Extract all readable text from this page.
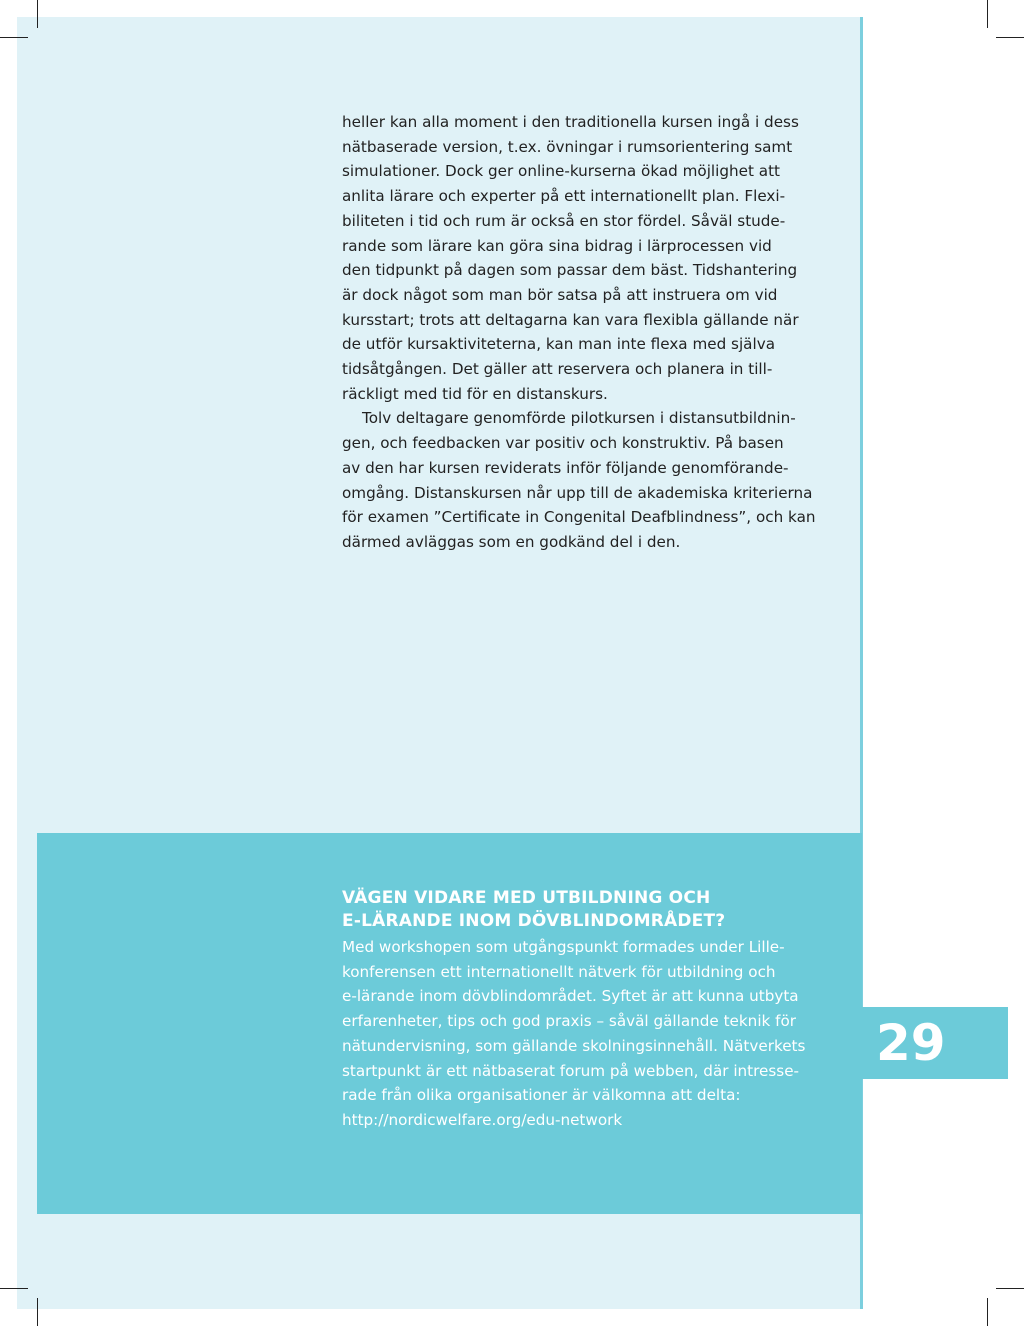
heller kan alla moment i den traditionella kursen ingå i dess
nätbaserade version, t.ex. övningar i rumsorientering samt
simulationer. Dock ger online-kurserna ökad möjlighet att
anlita lärare och experter på ett internationellt plan. Flexi-
biliteten i tid och rum är också en stor fördel. Såväl stude-
rande som lärare kan göra sina bidrag i lärprocessen vid
den tidpunkt på dagen som passar dem bäst. Tidshantering
är dock något som man bör satsa på att instruera om vid
kursstart; trots att deltagarna kan vara flexibla gällande när
de utför kursaktiviteterna, kan man inte flexa med själva
tidsåtgången. Det gäller att reservera och planera in till-
räckligt med tid för en distanskurs.
Tolv deltagare genomförde pilotkursen i distansutbildnin-
gen, och feedbacken var positiv och konstruktiv. På basen
av den har kursen reviderats inför följande genomförande-
omgång. Distanskursen når upp till de akademiska kriterierna
för examen ”Certificate in Congenital Deafblindness”, och kan
därmed avläggas som en godkänd del i den.
VÄGEN VIDARE MED UTBILDNING OCH
E-LÄRANDE INOM DÖVBLINDOMRÅDET?
Med workshopen som utgångspunkt formades under Lille-
konferensen ett internationellt nätverk för utbildning och
e-lärande inom dövblindområdet. Syftet är att kunna utbyta
erfarenheter, tips och god praxis – såväl gällande teknik för
nätundervisning, som gällande skolningsinnehåll. Nätverkets
startpunkt är ett nätbaserat forum på webben, där intresse-
rade från olika organisationer är välkomna att delta:
http://nordicwelfare.org/edu-network
29
